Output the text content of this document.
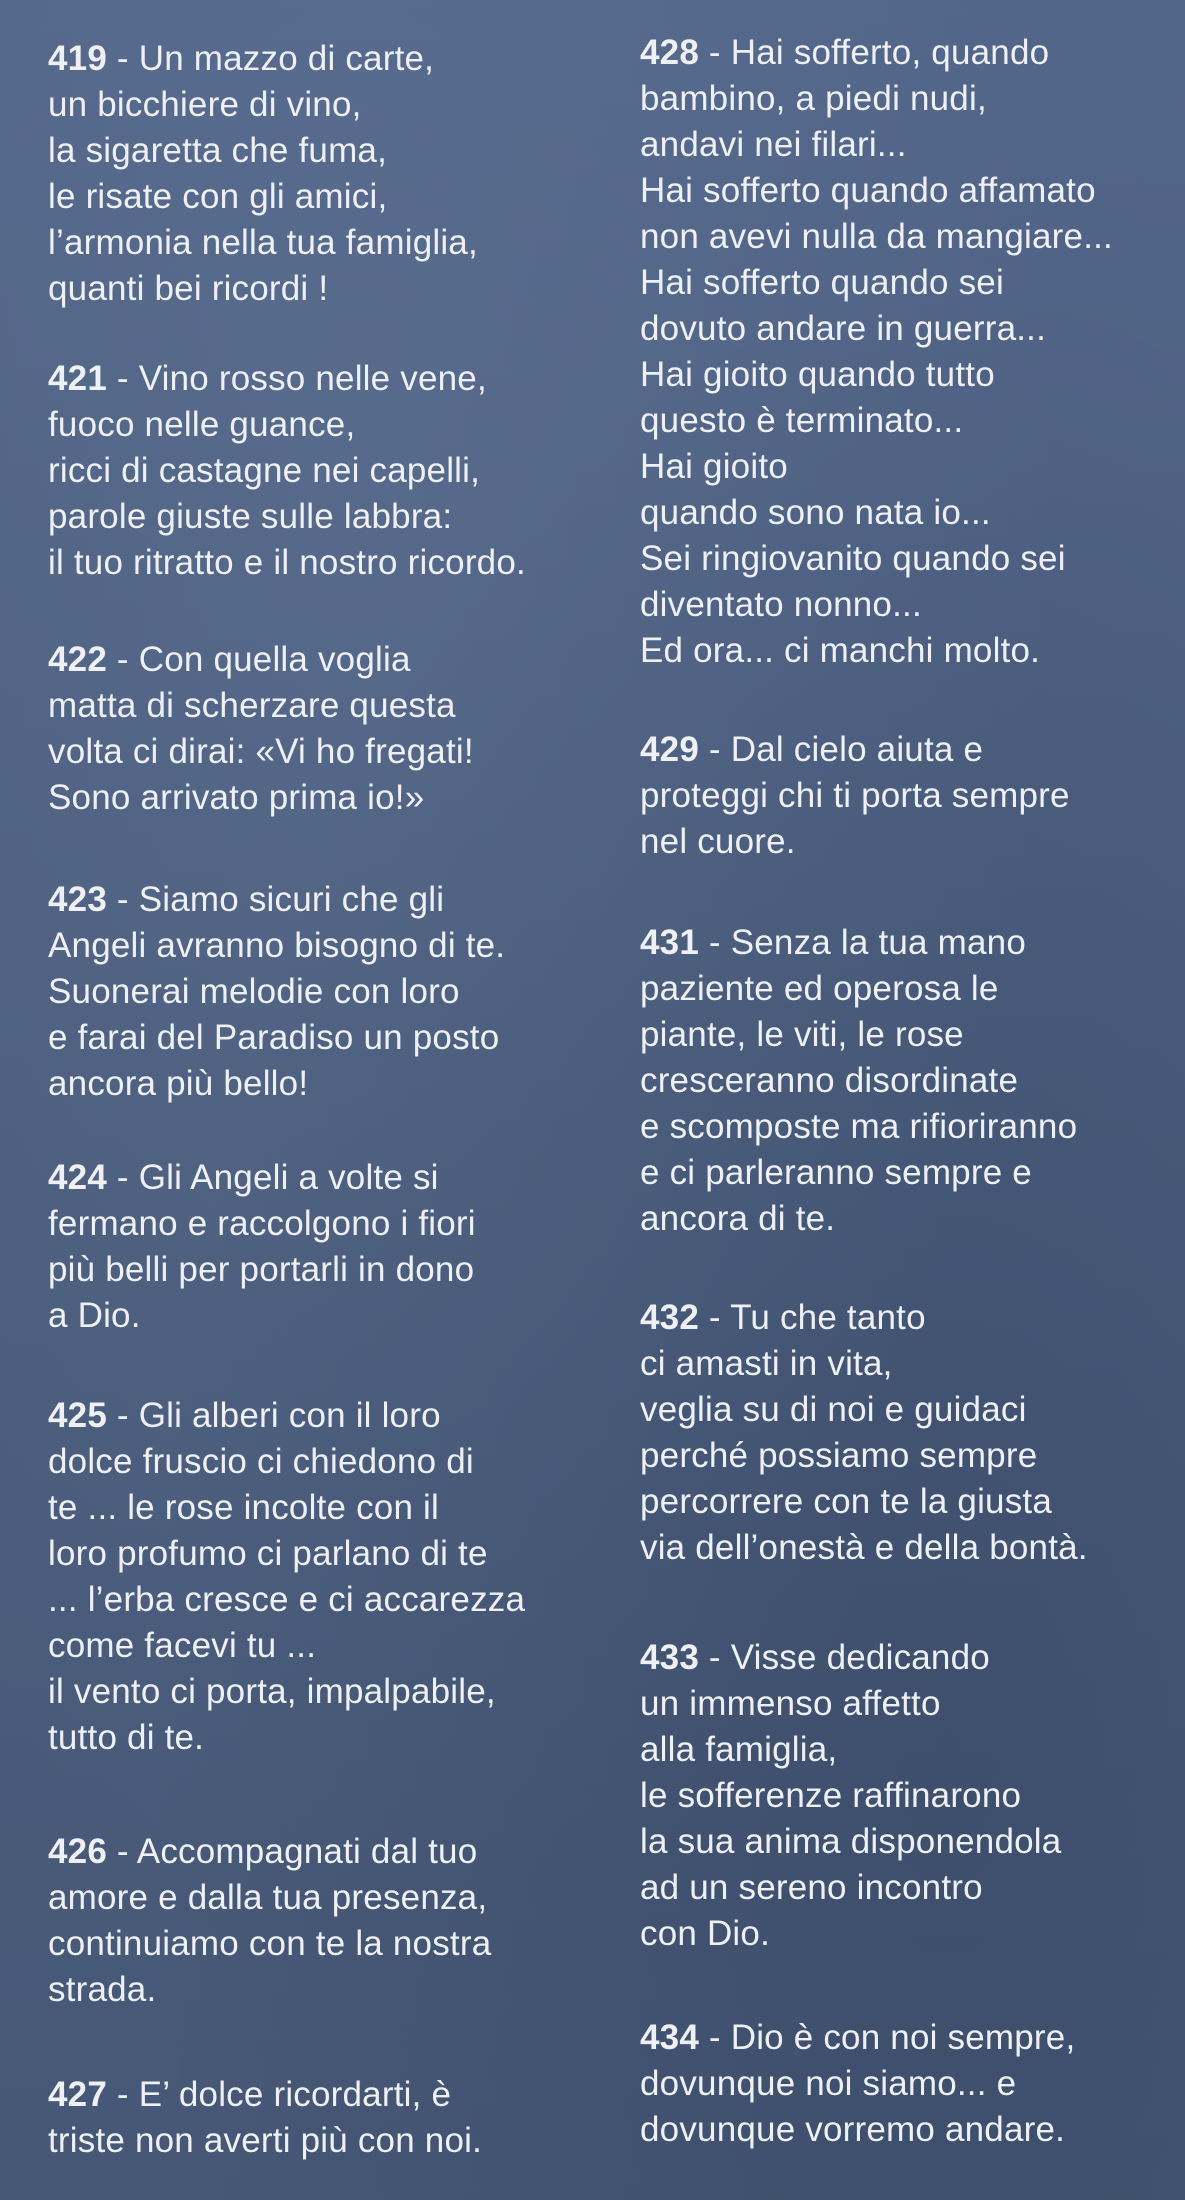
419 - Un mazzo di carte,
un bicchiere di vino,
la sigaretta che fuma,
le risate con gli amici,
l’armonia nella tua famiglia,
quanti bei ricordi !
421 - Vino rosso nelle vene,
fuoco nelle guance,
ricci di castagne nei capelli,
parole giuste sulle labbra:
il tuo ritratto e il nostro ricordo.
422 - Con quella voglia
matta di scherzare questa
volta ci dirai: «Vi ho fregati!
Sono arrivato prima io!»
423 - Siamo sicuri che gli
Angeli avranno bisogno di te.
Suonerai melodie con loro
e farai del Paradiso un posto
ancora più bello!
424 - Gli Angeli a volte si
fermano e raccolgono i fiori
più belli per portarli in dono
a Dio.
425 - Gli alberi con il loro
dolce fruscio ci chiedono di
te ... le rose incolte con il
loro profumo ci parlano di te
... l’erba cresce e ci accarezza
come facevi tu ...
il vento ci porta, impalpabile,
tutto di te.
426 - Accompagnati dal tuo
amore e dalla tua presenza,
continuiamo con te la nostra
strada.
427 - E’ dolce ricordarti, è
triste non averti più con noi.
428 - Hai sofferto, quando
bambino, a piedi nudi,
andavi nei filari...
Hai sofferto quando affamato
non avevi nulla da mangiare...
Hai sofferto quando sei
dovuto andare in guerra...
Hai gioito quando tutto
questo è terminato...
Hai gioito
quando sono nata io...
Sei ringiovanito quando sei
diventato nonno...
Ed ora... ci manchi molto.
429 - Dal cielo aiuta e
proteggi chi ti porta sempre
nel cuore.
431 - Senza la tua mano
paziente ed operosa le
piante, le viti, le rose
cresceranno disordinate
e scomposte ma rifioriranno
e ci parleranno sempre e
ancora di te.
432 - Tu che tanto
ci amasti in vita,
veglia su di noi e guidaci
perché possiamo sempre
percorrere con te la giusta
via dell’onestà e della bontà.
433 - Visse dedicando
un immenso affetto
alla famiglia,
le sofferenze raffinarono
la sua anima disponendola
ad un sereno incontro
con Dio.
434 - Dio è con noi sempre,
dovunque noi siamo... e
dovunque vorremo andare.
